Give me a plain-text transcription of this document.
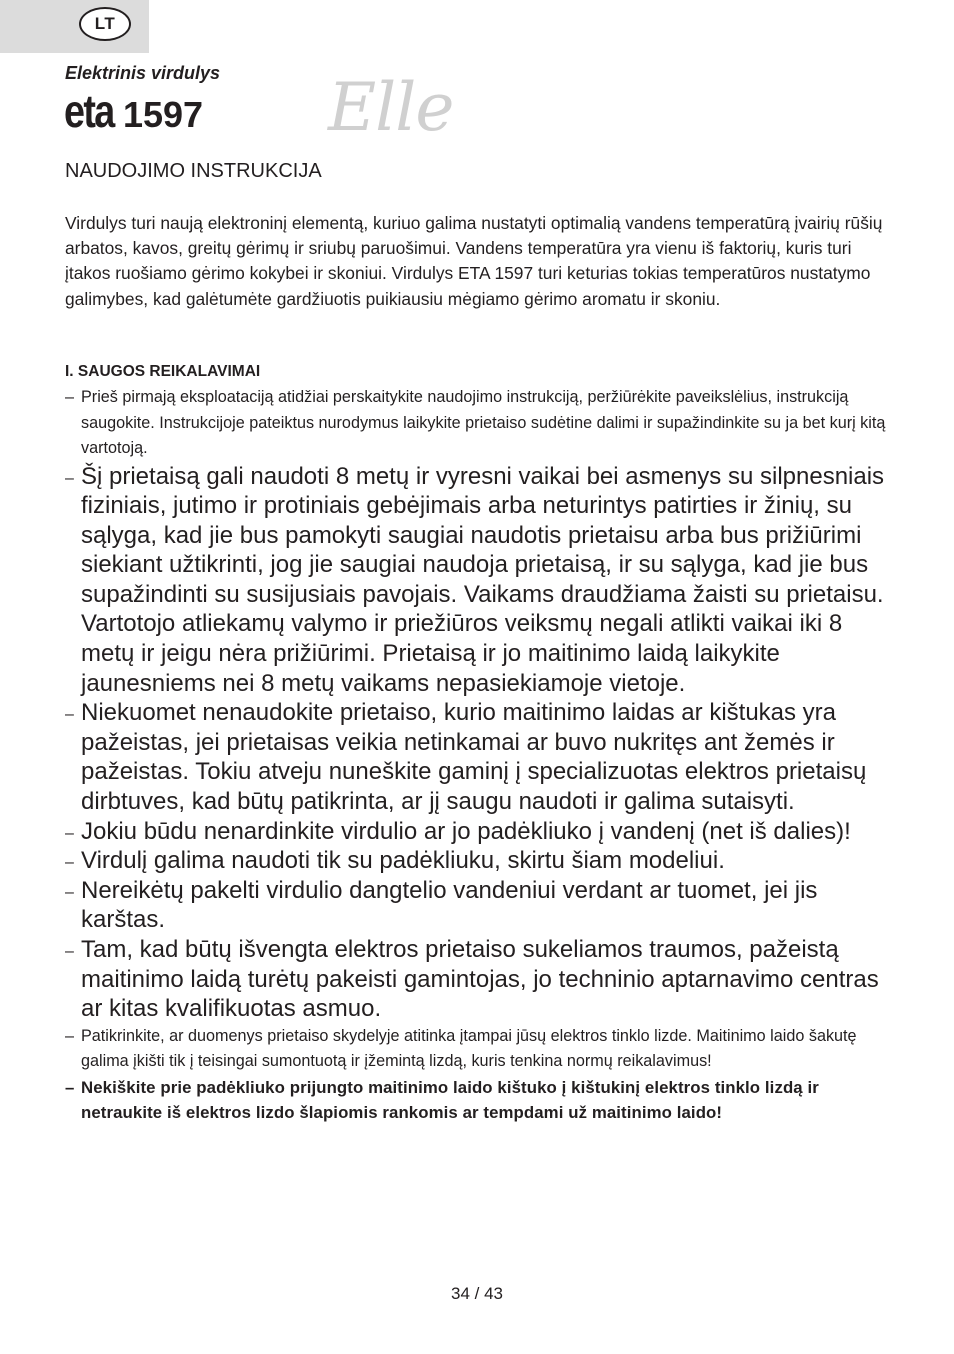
LT
Elektrinis virdulys
eta 1597 Elle
NAUDOJIMO INSTRUKCIJA

Virdulys turi naują elektroninį elementą, kuriuo galima nustatyti optimalią vandens temperatūrą įvairių rūšių arbatos, kavos, greitų gėrimų ir sriubų paruošimui. Vandens temperatūra yra vienu iš faktorių, kuris turi įtakos ruošiamo gėrimo kokybei ir skoniui. Virdulys ETA 1597 turi keturias tokias temperatūros nustatymo galimybes, kad galėtumėte gardžiuotis puikiausiu mėgiamo gėrimo aromatu ir skoniu.

I. SAUGOS REIKALAVIMAI
– Prieš pirmają eksploataciją atidžiai perskaitykite naudojimo instrukciją, peržiūrėkite paveikslėlius, instrukciją saugokite. Instrukcijoje pateiktus nurodymus laikykite prietaiso sudėtine dalimi ir supažindinkite su ja bet kurį kitą vartotoją.
– Šį prietaisą gali naudoti 8 metų ir vyresni vaikai bei asmenys su silpnesniais fiziniais, jutimo ir protiniais gebėjimais arba neturintys patirties ir žinių, su sąlyga, kad jie bus pamokyti saugiai naudotis prietaisu arba bus prižiūrimi siekiant užtikrinti, jog jie saugiai naudoja prietaisą, ir su sąlyga, kad jie bus supažindinti su susijusiais pavojais. Vaikams draudžiama žaisti su prietaisu. Vartotojo atliekamų valymo ir priežiūros veiksmų negali atlikti vaikai iki 8 metų ir jeigu nėra prižiūrimi. Prietaisą ir jo maitinimo laidą laikykite jaunesniems nei 8 metų vaikams nepasiekiamoje vietoje.
– Niekuomet nenaudokite prietaiso, kurio maitinimo laidas ar kištukas yra pažeistas, jei prietaisas veikia netinkamai ar buvo nukritęs ant žemės ir pažeistas. Tokiu atveju nuneškite gaminį į specializuotas elektros prietaisų dirbtuves, kad būtų patikrinta, ar jį saugu naudoti ir galima sutaisyti.
– Jokiu būdu nenardinkite virdulio ar jo padėkliuko į vandenį (net iš dalies)!
– Virdulį galima naudoti tik su padėkliuku, skirtu šiam modeliui.
– Nereikėtų pakelti virdulio dangtelio vandeniui verdant ar tuomet, jei jis karštas.
– Tam, kad būtų išvengta elektros prietaiso sukeliamos traumos, pažeistą maitinimo laidą turėtų pakeisti gamintojas, jo techninio aptarnavimo centras ar kitas kvalifikuotas asmuo.
– Patikrinkite, ar duomenys prietaiso skydelyje atitinka įtampai jūsų elektros tinklo lizde. Maitinimo laido šakutę galima įkišti tik į teisingai sumontuotą ir įžemintą lizdą, kuris tenkina normų reikalavimus!
– Nekiškite prie padėkliuko prijungto maitinimo laido kištuko į kištukinį elektros tinklo lizdą ir netraukite iš elektros lizdo šlapiomis rankomis ar tempdami už maitinimo laido!
34 / 43
